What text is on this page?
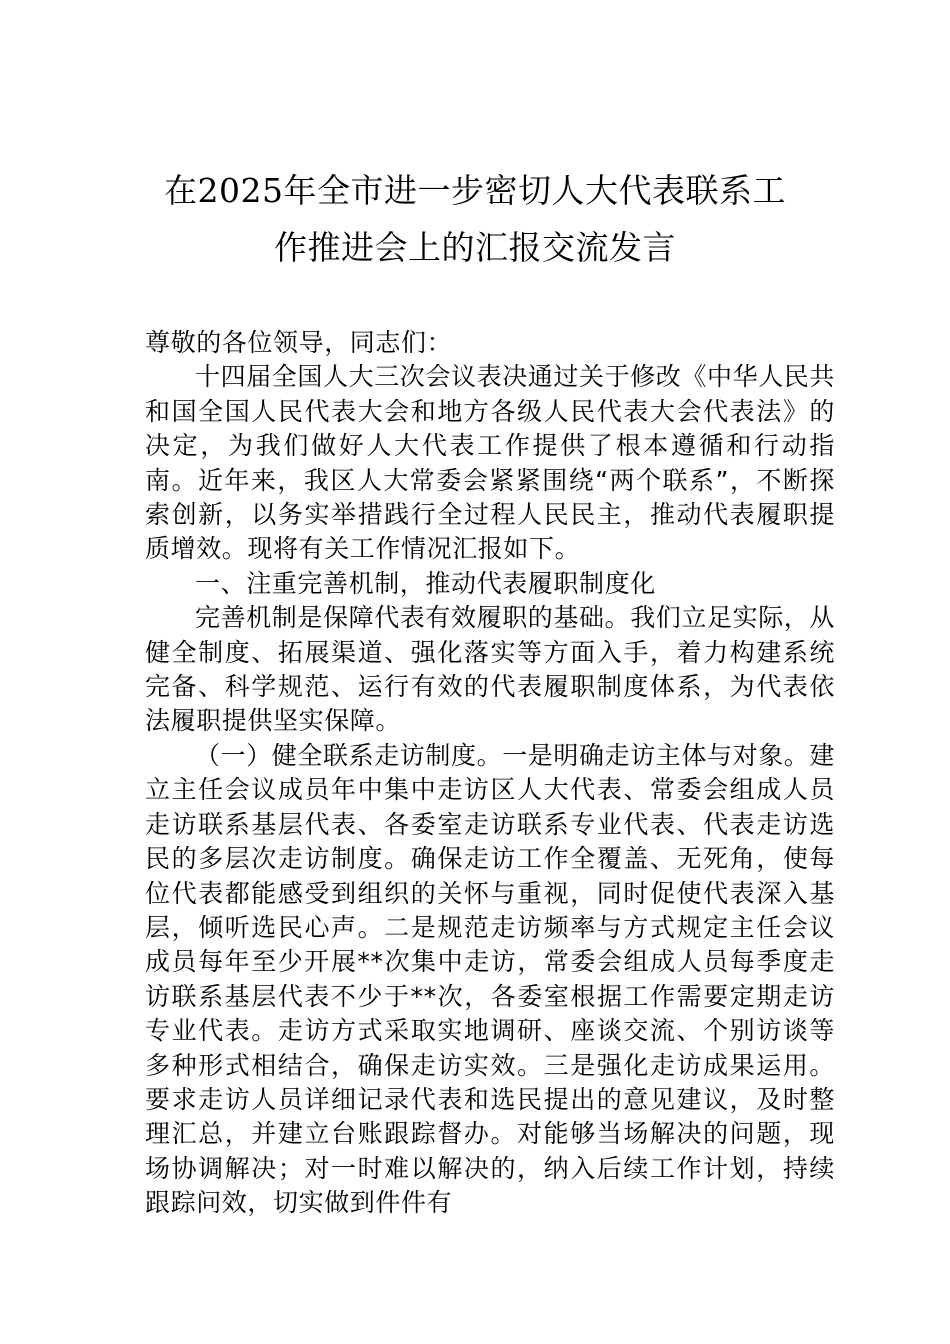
在2025年全市进一步密切人大代表联系工
作推进会上的汇报交流发言

尊敬的各位领导，同志们：

十四届全国人大三次会议表决通过关于修改《中华人民共和国全国人民代表大会和地方各级人民代表大会代表法》的决定，为我们做好人大代表工作提供了根本遵循和行动指南。近年来，我区人大常委会紧紧围绕“两个联系”，不断探索创新，以务实举措践行全过程人民民主，推动代表履职提质增效。现将有关工作情况汇报如下。

一、注重完善机制，推动代表履职制度化

完善机制是保障代表有效履职的基础。我们立足实际，从健全制度、拓展渠道、强化落实等方面入手，着力构建系统完备、科学规范、运行有效的代表履职制度体系，为代表依法履职提供坚实保障。

（一）健全联系走访制度。一是明确走访主体与对象。建立主任会议成员年中集中走访区人大代表、常委会组成人员走访联系基层代表、各委室走访联系专业代表、代表走访选民的多层次走访制度。确保走访工作全覆盖、无死角，使每位代表都能感受到组织的关怀与重视，同时促使代表深入基层，倾听选民心声。二是规范走访频率与方式规定主任会议成员每年至少开展**次集中走访，常委会组成人员每季度走访联系基层代表不少于**次，各委室根据工作需要定期走访专业代表。走访方式采取实地调研、座谈交流、个别访谈等多种形式相结合，确保走访实效。三是强化走访成果运用。要求走访人员详细记录代表和选民提出的意见建议，及时整理汇总，并建立台账跟踪督办。对能够当场解决的问题，现场协调解决；对一时难以解决的，纳入后续工作计划，持续跟踪问效，切实做到件件有
